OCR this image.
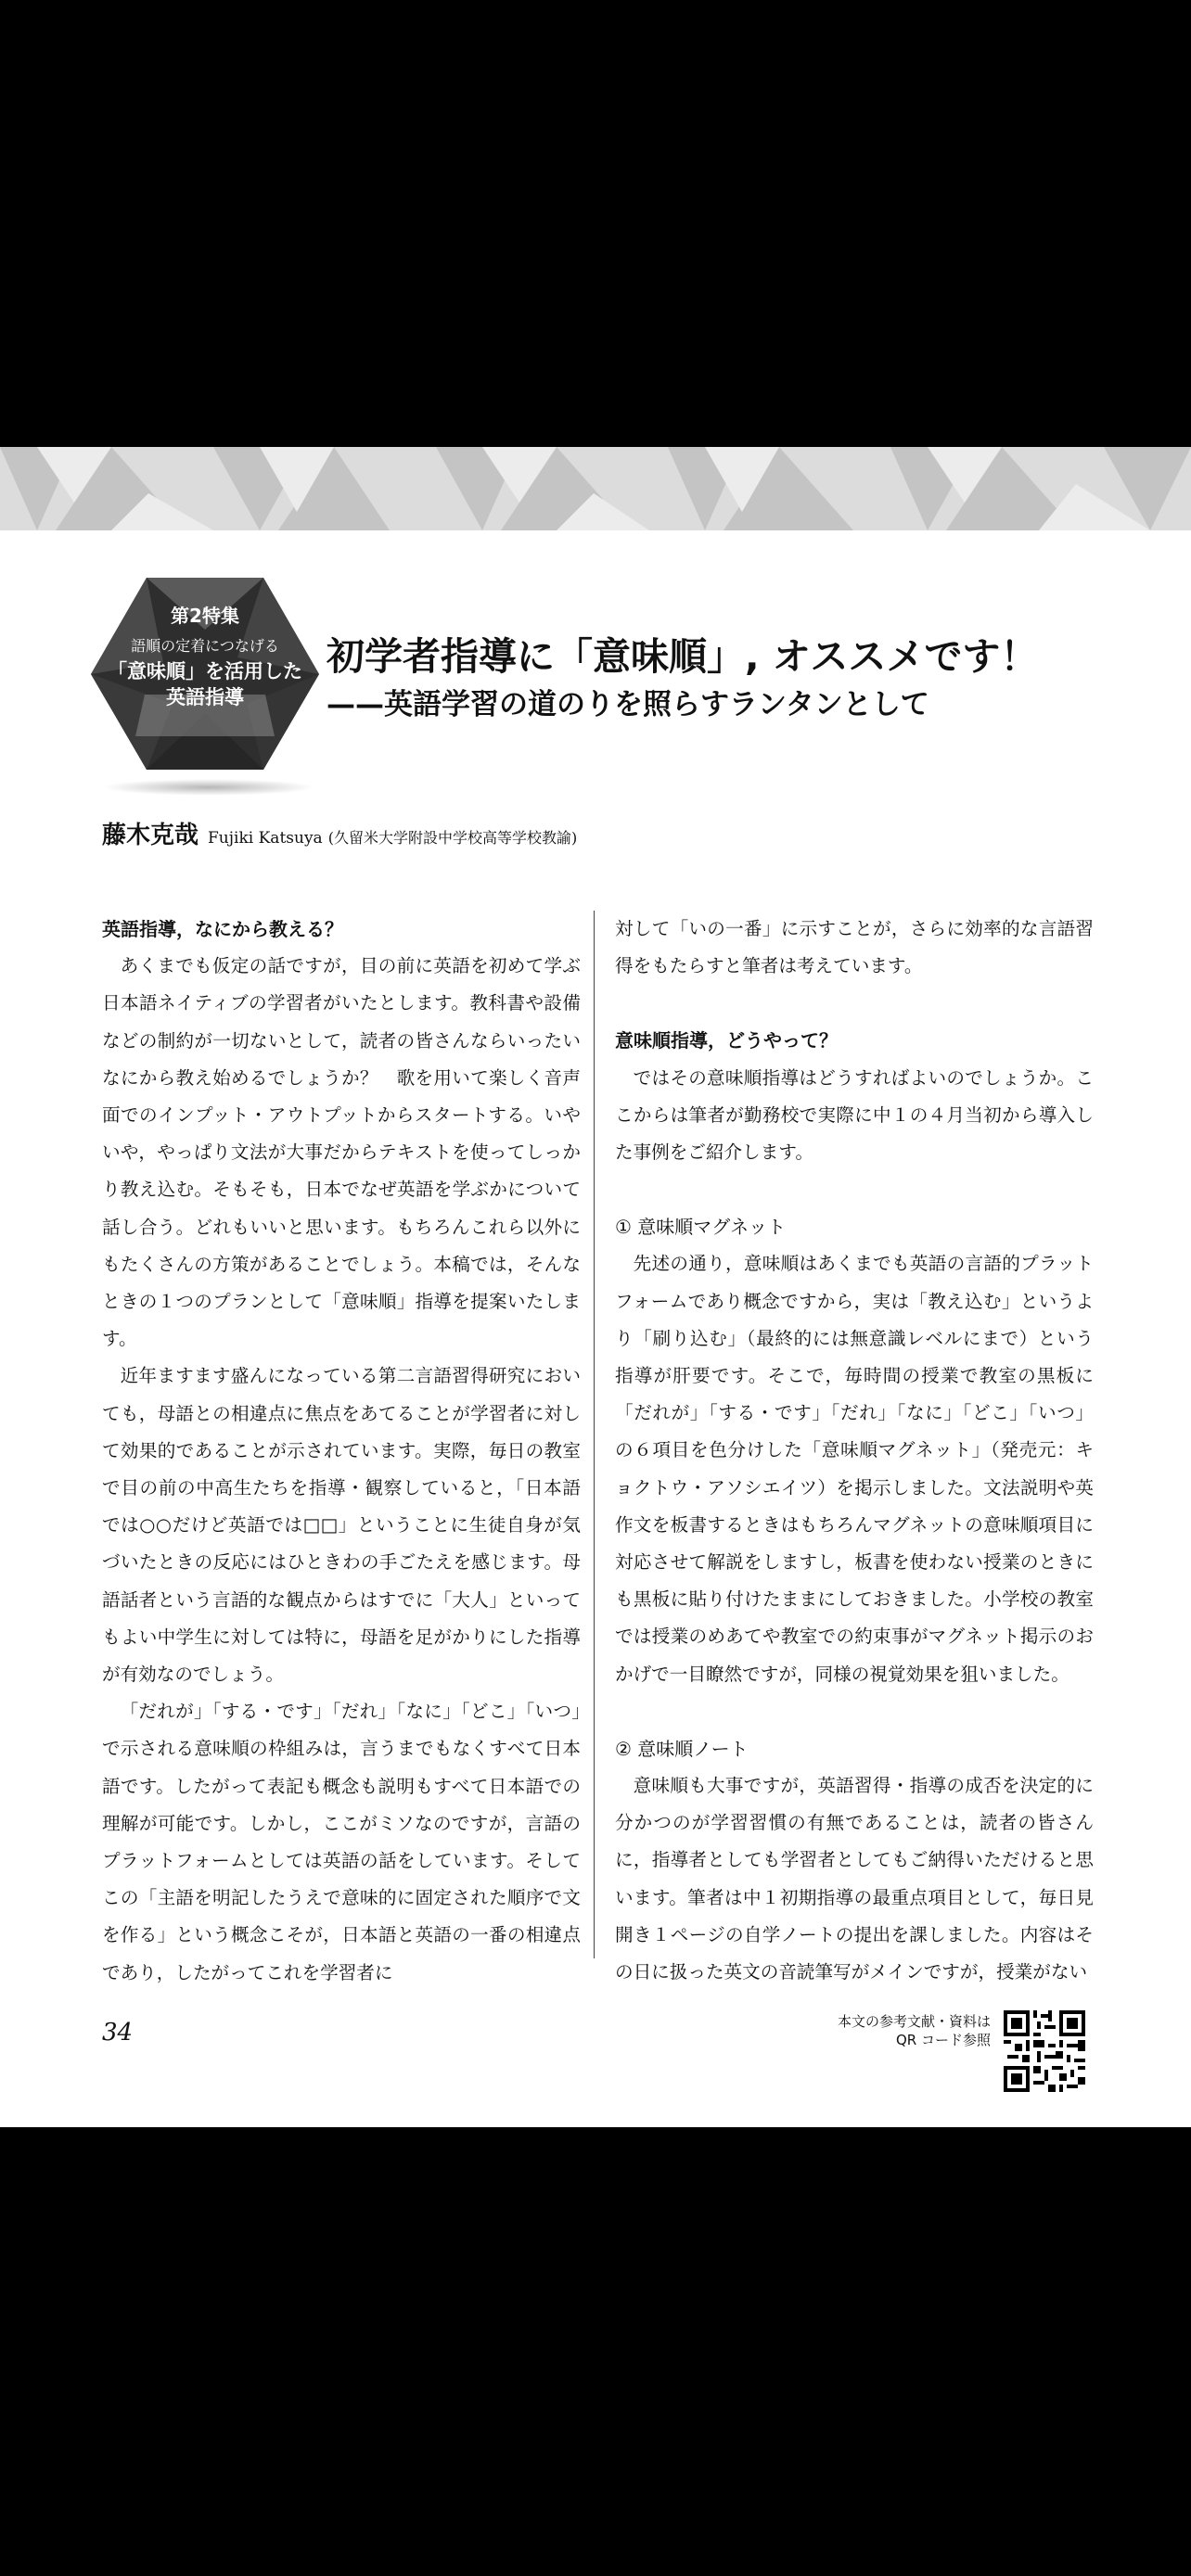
第2特集
語順の定着につなげる
「意味順」を活用した
英語指導
初学者指導に「意味順」, オススメです！
——英語学習の道のりを照らすランタンとして
藤木克哉 Fujiki Katsuya (久留米大学附設中学校高等学校教諭)
英語指導，なにから教える？

あくまでも仮定の話ですが，目の前に英語を初めて学ぶ日本語ネイティブの学習者がいたとします。教科書や設備などの制約が一切ないとして，読者の皆さんならいったいなにから教え始めるでしょうか？　歌を用いて楽しく音声面でのインプット・アウトプットからスタートする。いやいや，やっぱり文法が大事だからテキストを使ってしっかり教え込む。そもそも，日本でなぜ英語を学ぶかについて話し合う。どれもいいと思います。もちろんこれら以外にもたくさんの方策があることでしょう。本稿では，そんなときの１つのプランとして「意味順」指導を提案いたします。

近年ますます盛んになっている第二言語習得研究においても，母語との相違点に焦点をあてることが学習者に対して効果的であることが示されています。実際，毎日の教室で目の前の中高生たちを指導・観察していると，「日本語では○○だけど英語では□□」ということに生徒自身が気づいたときの反応にはひときわの手ごたえを感じます。母語話者という言語的な観点からはすでに「大人」といってもよい中学生に対しては特に，母語を足がかりにした指導が有効なのでしょう。

「だれが」「する・です」「だれ」「なに」「どこ」「いつ」で示される意味順の枠組みは，言うまでもなくすべて日本語です。したがって表記も概念も説明もすべて日本語での理解が可能です。しかし，ここがミソなのですが，言語のプラットフォームとしては英語の話をしています。そしてこの「主語を明記したうえで意味的に固定された順序で文を作る」という概念こそが，日本語と英語の一番の相違点であり，したがってこれを学習者に

対して「いの一番」に示すことが，さらに効率的な言語習得をもたらすと筆者は考えています。

意味順指導，どうやって？

ではその意味順指導はどうすればよいのでしょうか。ここからは筆者が勤務校で実際に中１の４月当初から導入した事例をご紹介します。

① 意味順マグネット

先述の通り，意味順はあくまでも英語の言語的プラットフォームであり概念ですから，実は「教え込む」というより「刷り込む」（最終的には無意識レベルにまで）という指導が肝要です。そこで，毎時間の授業で教室の黒板に「だれが」「する・です」「だれ」「なに」「どこ」「いつ」の６項目を色分けした「意味順マグネット」（発売元：キョクトウ・アソシエイツ）を掲示しました。文法説明や英作文を板書するときはもちろんマグネットの意味順項目に対応させて解説をしますし，板書を使わない授業のときにも黒板に貼り付けたままにしておきました。小学校の教室では授業のめあてや教室での約束事がマグネット掲示のおかげで一目瞭然ですが，同様の視覚効果を狙いました。

② 意味順ノート

意味順も大事ですが，英語習得・指導の成否を決定的に分かつのが学習習慣の有無であることは，読者の皆さんに，指導者としても学習者としてもご納得いただけると思います。筆者は中１初期指導の最重点項目として，毎日見開き１ページの自学ノートの提出を課しました。内容はその日に扱った英文の音読筆写がメインですが，授業がない

34	本文の参考文献・資料は
QR コード参照
